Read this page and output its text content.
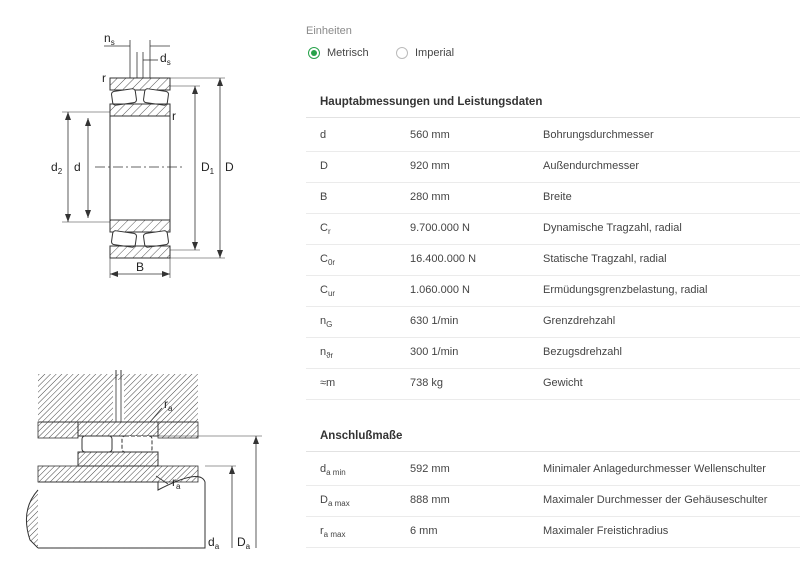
$n_s$
$d_s$
r
r
$d_2$ d	$D_1$ D
B
$r_a$
$r_a$
$d_a$ $D_a$
Einheiten
Metrisch	Imperial
Hauptabmessungen und Leistungsdaten
d	560 mm	Bohrungsdurchmesser
D	920 mm	Außendurchmesser
B	280 mm	Breite
$C_r$	9.700.000 N	Dynamische Tragzahl, radial
$C_{0r}$	16.400.000 N	Statische Tragzahl, radial
$C_{ur}$	1.060.000 N	Ermüdungsgrenzbelastung, radial
$n_G$	630 1/min	Grenzdrehzahl
$n_{ϑr}$	300 1/min	Bezugsdrehzahl
≈m	738 kg	Gewicht
Anschlußmaße
$d_{a min}$	592 mm	Minimaler Anlagedurchmesser Wellenschulter
$D_{a max}$	888 mm	Maximaler Durchmesser der Gehäuseschulter
$r_{a max}$	6 mm	Maximaler Freistichradius
